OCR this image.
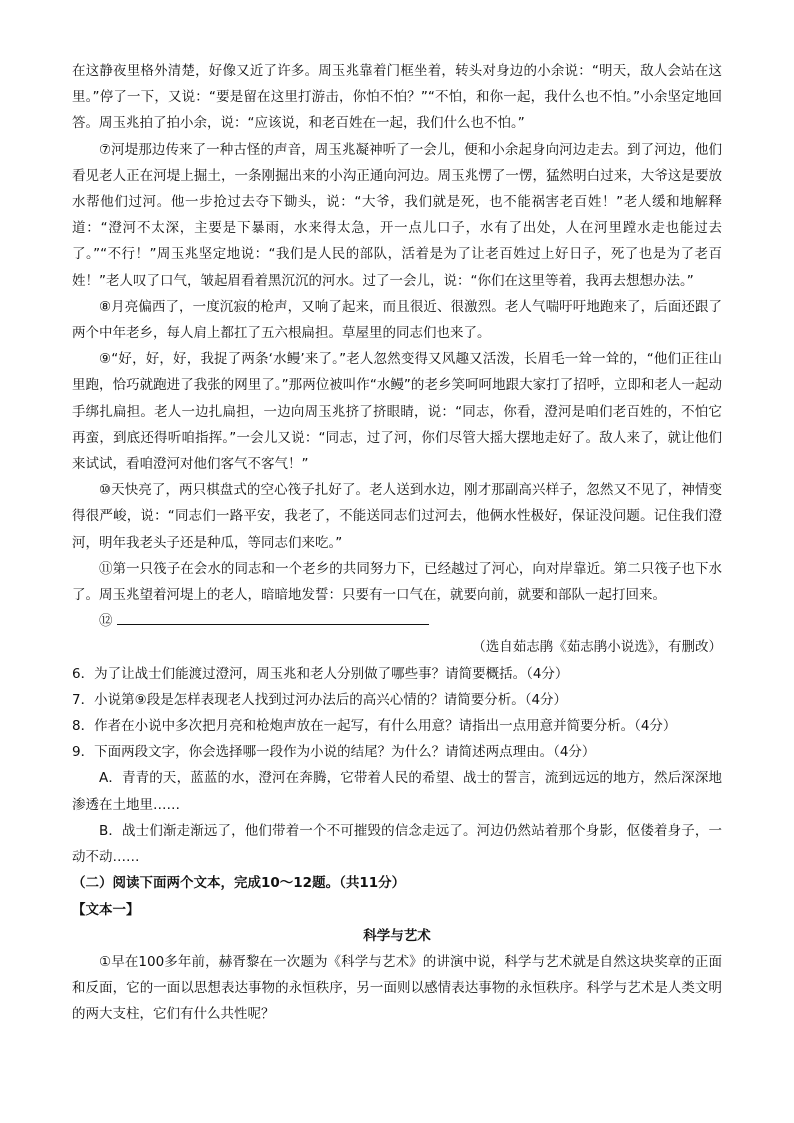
在这静夜里格外清楚，好像又近了许多。周玉兆靠着门框坐着，转头对身边的小余说：“明天，敌人会站在这里。”停了一下，又说：“要是留在这里打游击，你怕不怕？”“不怕，和你一起，我什么也不怕。”小余坚定地回答。周玉兆拍了拍小余，说：“应该说，和老百姓在一起，我们什么也不怕。”

⑦河堤那边传来了一种古怪的声音，周玉兆凝神听了一会儿，便和小余起身向河边走去。到了河边，他们看见老人正在河堤上掘土，一条刚掘出来的小沟正通向河边。周玉兆愣了一愣，猛然明白过来，大爷这是要放水帮他们过河。他一步抢过去夺下锄头，说：“大爷，我们就是死，也不能祸害老百姓！”老人缓和地解释道：“澄河不太深，主要是下暴雨，水来得太急，开一点儿口子，水有了出处，人在河里蹚水走也能过去了。”“不行！”周玉兆坚定地说：“我们是人民的部队，活着是为了让老百姓过上好日子，死了也是为了老百姓！”老人叹了口气，皱起眉看着黑沉沉的河水。过了一会儿，说：“你们在这里等着，我再去想想办法。”

⑧月亮偏西了，一度沉寂的枪声，又响了起来，而且很近、很激烈。老人气喘吁吁地跑来了，后面还跟了两个中年老乡，每人肩上都扛了五六根扁担。草屋里的同志们也来了。

⑨“好，好，好，我捉了两条‘水鳗’来了。”老人忽然变得又风趣又活泼，长眉毛一耸一耸的，“他们正往山里跑，恰巧就跑进了我张的网里了。”那两位被叫作“水鳗”的老乡笑呵呵地跟大家打了招呼，立即和老人一起动手绑扎扁担。老人一边扎扁担，一边向周玉兆挤了挤眼睛，说：“同志，你看，澄河是咱们老百姓的，不怕它再蛮，到底还得听咱指挥。”一会儿又说：“同志，过了河，你们尽管大摇大摆地走好了。敌人来了，就让他们来试试，看咱澄河对他们客气不客气！”

⑩天快亮了，两只棋盘式的空心筏子扎好了。老人送到水边，刚才那副高兴样子，忽然又不见了，神情变得很严峻，说：“同志们一路平安，我老了，不能送同志们过河去，他俩水性极好，保证没问题。记住我们澄河，明年我老头子还是种瓜，等同志们来吃。”

⑪第一只筏子在会水的同志和一个老乡的共同努力下，已经越过了河心，向对岸靠近。第二只筏子也下水了。周玉兆望着河堤上的老人，暗暗地发誓：只要有一口气在，就要向前，就要和部队一起打回来。

⑫

（选自茹志鹃《茹志鹃小说选》，有删改）

6．为了让战士们能渡过澄河，周玉兆和老人分别做了哪些事？请简要概括。（4分）

7．小说第⑨段是怎样表现老人找到过河办法后的高兴心情的？请简要分析。（4分）

8．作者在小说中多次把月亮和枪炮声放在一起写，有什么用意？请指出一点用意并简要分析。（4分）

9．下面两段文字，你会选择哪一段作为小说的结尾？为什么？请简述两点理由。（4分）

A．青青的天，蓝蓝的水，澄河在奔腾，它带着人民的希望、战士的誓言，流到远远的地方，然后深深地渗透在土地里……

B．战士们渐走渐远了，他们带着一个不可摧毁的信念走远了。河边仍然站着那个身影，伛偻着身子，一动不动……

（二）阅读下面两个文本，完成10～12题。（共11分）

【文本一】

科学与艺术

①早在100多年前，赫胥黎在一次题为《科学与艺术》的讲演中说，科学与艺术就是自然这块奖章的正面和反面，它的一面以思想表达事物的永恒秩序，另一面则以感情表达事物的永恒秩序。科学与艺术是人类文明的两大支柱，它们有什么共性呢？
